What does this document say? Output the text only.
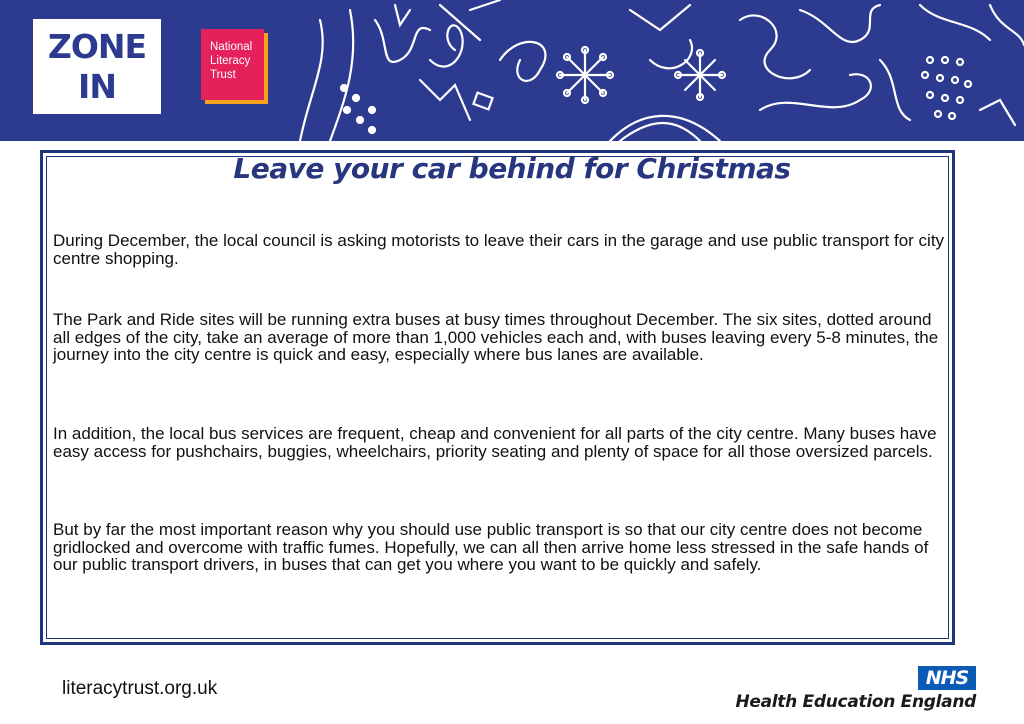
ZONE
IN
National
Literacy
Trust
Leave your car behind for Christmas

During December, the local council is asking motorists to leave their cars in the garage and use public transport for city centre shopping.

The Park and Ride sites will be running extra buses at busy times throughout December. The six sites, dotted around all edges of the city, take an average of more than 1,000 vehicles each and, with buses leaving every 5-8 minutes, the journey into the city centre is quick and easy, especially where bus lanes are available.

In addition, the local bus services are frequent, cheap and convenient for all parts of the city centre. Many buses have easy access for pushchairs, buggies, wheelchairs, priority seating and plenty of space for all those oversized parcels.

But by far the most important reason why you should use public transport is so that our city centre does not become gridlocked and overcome with traffic fumes. Hopefully, we can all then arrive home less stressed in the safe hands of our public transport drivers, in buses that can get you where you want to be quickly and safely.

literacytrust.org.uk	NHS
Health Education England
